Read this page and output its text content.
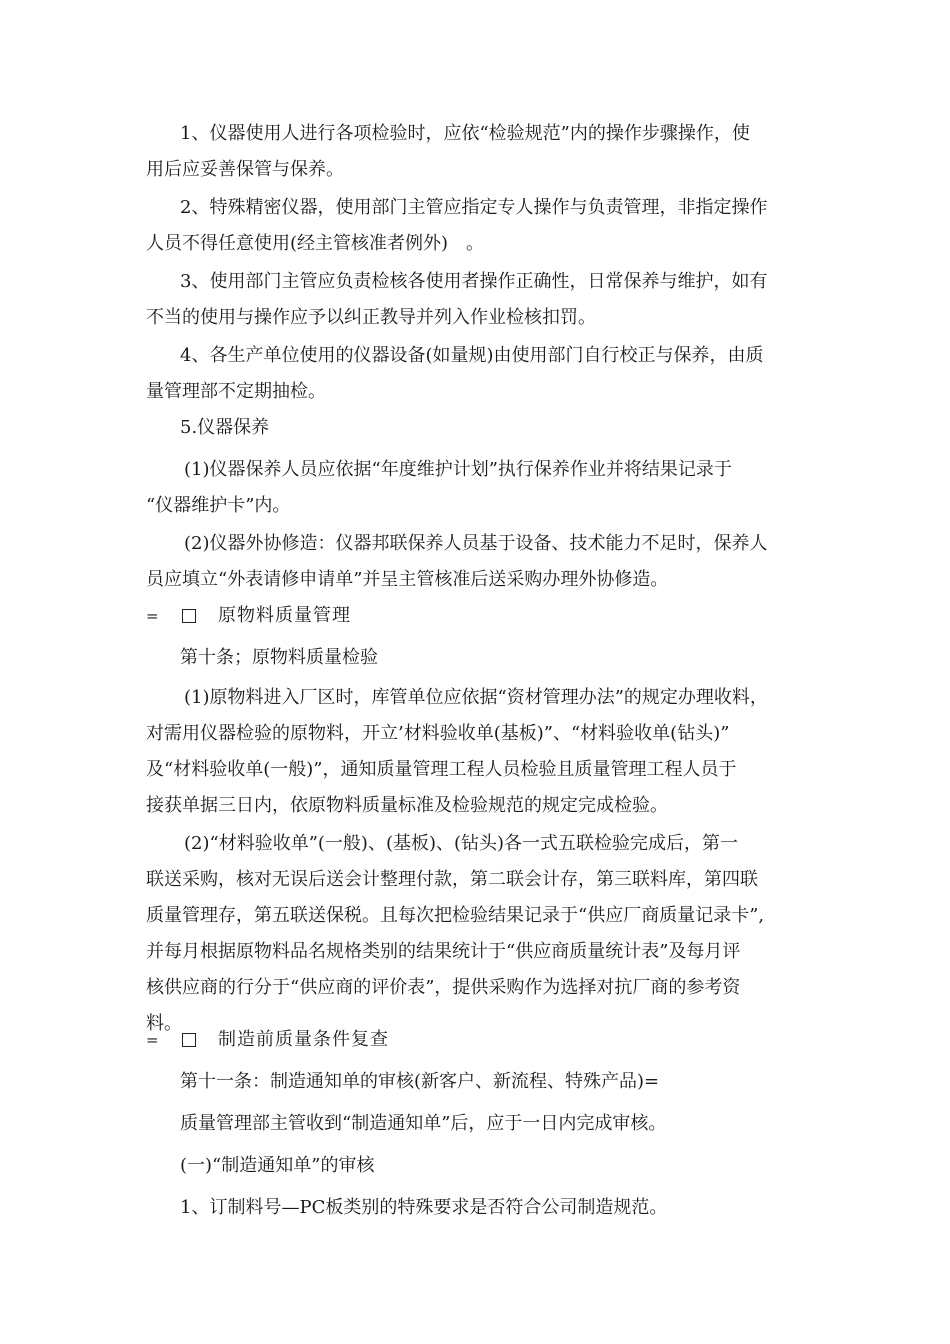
1、仪器使用人进行各项检验时，应依“检验规范”内的操作步骤操作，使
用后应妥善保管与保养。

2、特殊精密仪器，使用部门主管应指定专人操作与负责管理，非指定操作
人员不得任意使用(经主管核准者例外)　。

3、使用部门主管应负责检核各使用者操作正确性，日常保养与维护，如有
不当的使用与操作应予以纠正教导并列入作业检核扣罚。

4、各生产单位使用的仪器设备(如量规)由使用部门自行校正与保养，由质
量管理部不定期抽检。

5.仪器保养

(1)仪器保养人员应依据“年度维护计划”执行保养作业并将结果记录于
“仪器维护卡”内。

(2)仪器外协修造：仪器邦联保养人员基于设备、技术能力不足时，保养人
员应填立“外表请修申请单”并呈主管核准后送采购办理外协修造。

=	原物料质量管理

第十条；原物料质量检验

(1)原物料进入厂区时，库管单位应依据“资材管理办法”的规定办理收料，
对需用仪器检验的原物料，开立’材料验收单(基板)”、“材料验收单(钻头)”
及“材料验收单(一般)”，通知质量管理工程人员检验且质量管理工程人员于
接获单据三日内，依原物料质量标准及检验规范的规定完成检验。

(2)“材料验收单”(一般)、(基板)、(钻头)各一式五联检验完成后，第一
联送采购，核对无误后送会计整理付款，第二联会计存，第三联料库，第四联
质量管理存，第五联送保税。且每次把检验结果记录于“供应厂商质量记录卡”,
并每月根据原物料品名规格类别的结果统计于“供应商质量统计表”及每月评
核供应商的行分于“供应商的评价表”，提供采购作为选择对抗厂商的参考资
料。

=	制造前质量条件复查

第十一条：制造通知单的审核(新客户、新流程、特殊产品)=

质量管理部主管收到“制造通知单”后，应于一日内完成审核。

(一)“制造通知单”的审核

1、订制料号—PC板类别的特殊要求是否符合公司制造规范。
